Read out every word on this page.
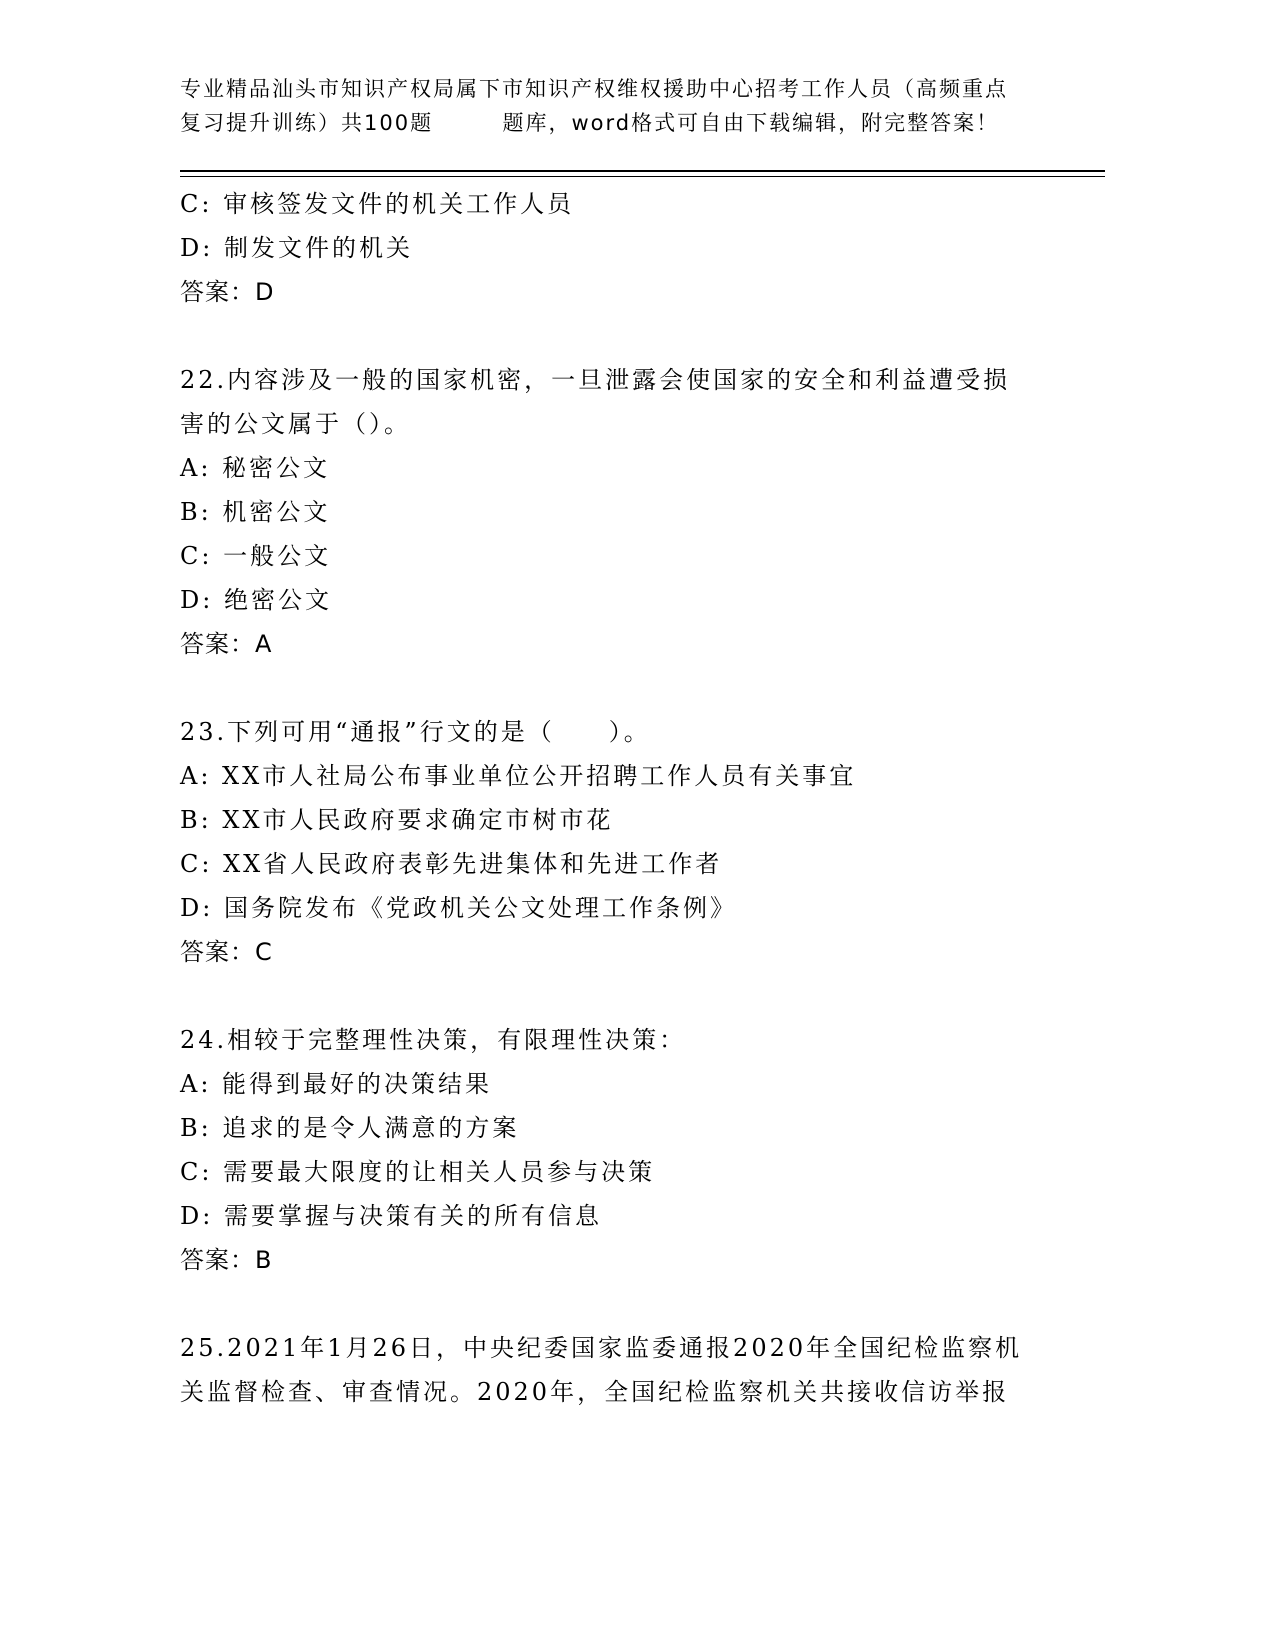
专业精品汕头市知识产权局属下市知识产权维权援助中心招考工作人员（高频重点
复习提升训练）共100题        题库，word格式可自由下载编辑，附完整答案！
C: 审核签发文件的机关工作人员
D: 制发文件的机关
答案：D
22.内容涉及一般的国家机密，一旦泄露会使国家的安全和利益遭受损
害的公文属于（）。
A: 秘密公文
B: 机密公文
C: 一般公文
D: 绝密公文
答案：A
23.下列可用“通报”行文的是（　　）。
A: XX市人社局公布事业单位公开招聘工作人员有关事宜
B: XX市人民政府要求确定市树市花
C: XX省人民政府表彰先进集体和先进工作者
D: 国务院发布《党政机关公文处理工作条例》
答案：C
24.相较于完整理性决策，有限理性决策：
A: 能得到最好的决策结果
B: 追求的是令人满意的方案
C: 需要最大限度的让相关人员参与决策
D: 需要掌握与决策有关的所有信息
答案：B
25.2021年1月26日，中央纪委国家监委通报2020年全国纪检监察机
关监督检查、审查情况。2020年，全国纪检监察机关共接收信访举报
